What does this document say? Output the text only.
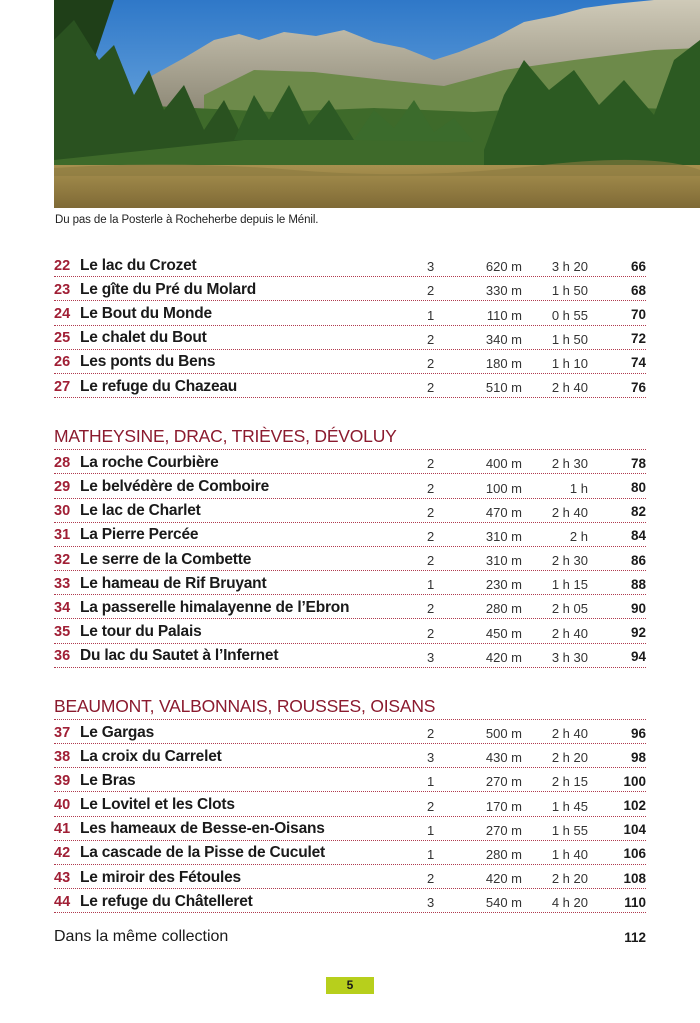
Du pas de la Posterle à Rocheherbe depuis le Ménil.
22 Le lac du Crozet	3	620 m 3 h 20	66
23 Le gîte du Pré du Molard	2	330 m 1 h 50	68
24 Le Bout du Monde	1	110 m 0 h 55	70
25 Le chalet du Bout	2	340 m 1 h 50	72
26 Les ponts du Bens	2	180 m 1 h 10	74
27 Le refuge du Chazeau	2	510 m 2 h 40	76
MATHEYSINE, DRAC, TRIÈVES, DÉVOLUY
28 La roche Courbière	2	400 m 2 h 30	78
29 Le belvédère de Comboire	2	100 m	1 h	80
30 Le lac de Charlet	2	470 m 2 h 40	82
31 La Pierre Percée	2	310 m	2 h	84
32 Le serre de la Combette	2	310 m 2 h 30	86
33 Le hameau de Rif Bruyant	1	230 m 1 h 15	88
34 La passerelle himalayenne de l’Ebron	2	280 m 2 h 05	90
35 Le tour du Palais	2	450 m 2 h 40	92
36 Du lac du Sautet à l’Infernet	3	420 m 3 h 30	94
BEAUMONT, VALBONNAIS, ROUSSES, OISANS
37 Le Gargas	2	500 m 2 h 40	96
38 La croix du Carrelet	3	430 m 2 h 20	98
39 Le Bras	1	270 m 2 h 15	100
40 Le Lovitel et les Clots	2	170 m 1 h 45	102
41 Les hameaux de Besse-en-Oisans	1	270 m 1 h 55	104
42 La cascade de la Pisse de Cuculet	1	280 m 1 h 40	106
43 Le miroir des Fétoules	2	420 m 2 h 20	108
44 Le refuge du Châtelleret	3	540 m 4 h 20	110
Dans la même collection	112
5
